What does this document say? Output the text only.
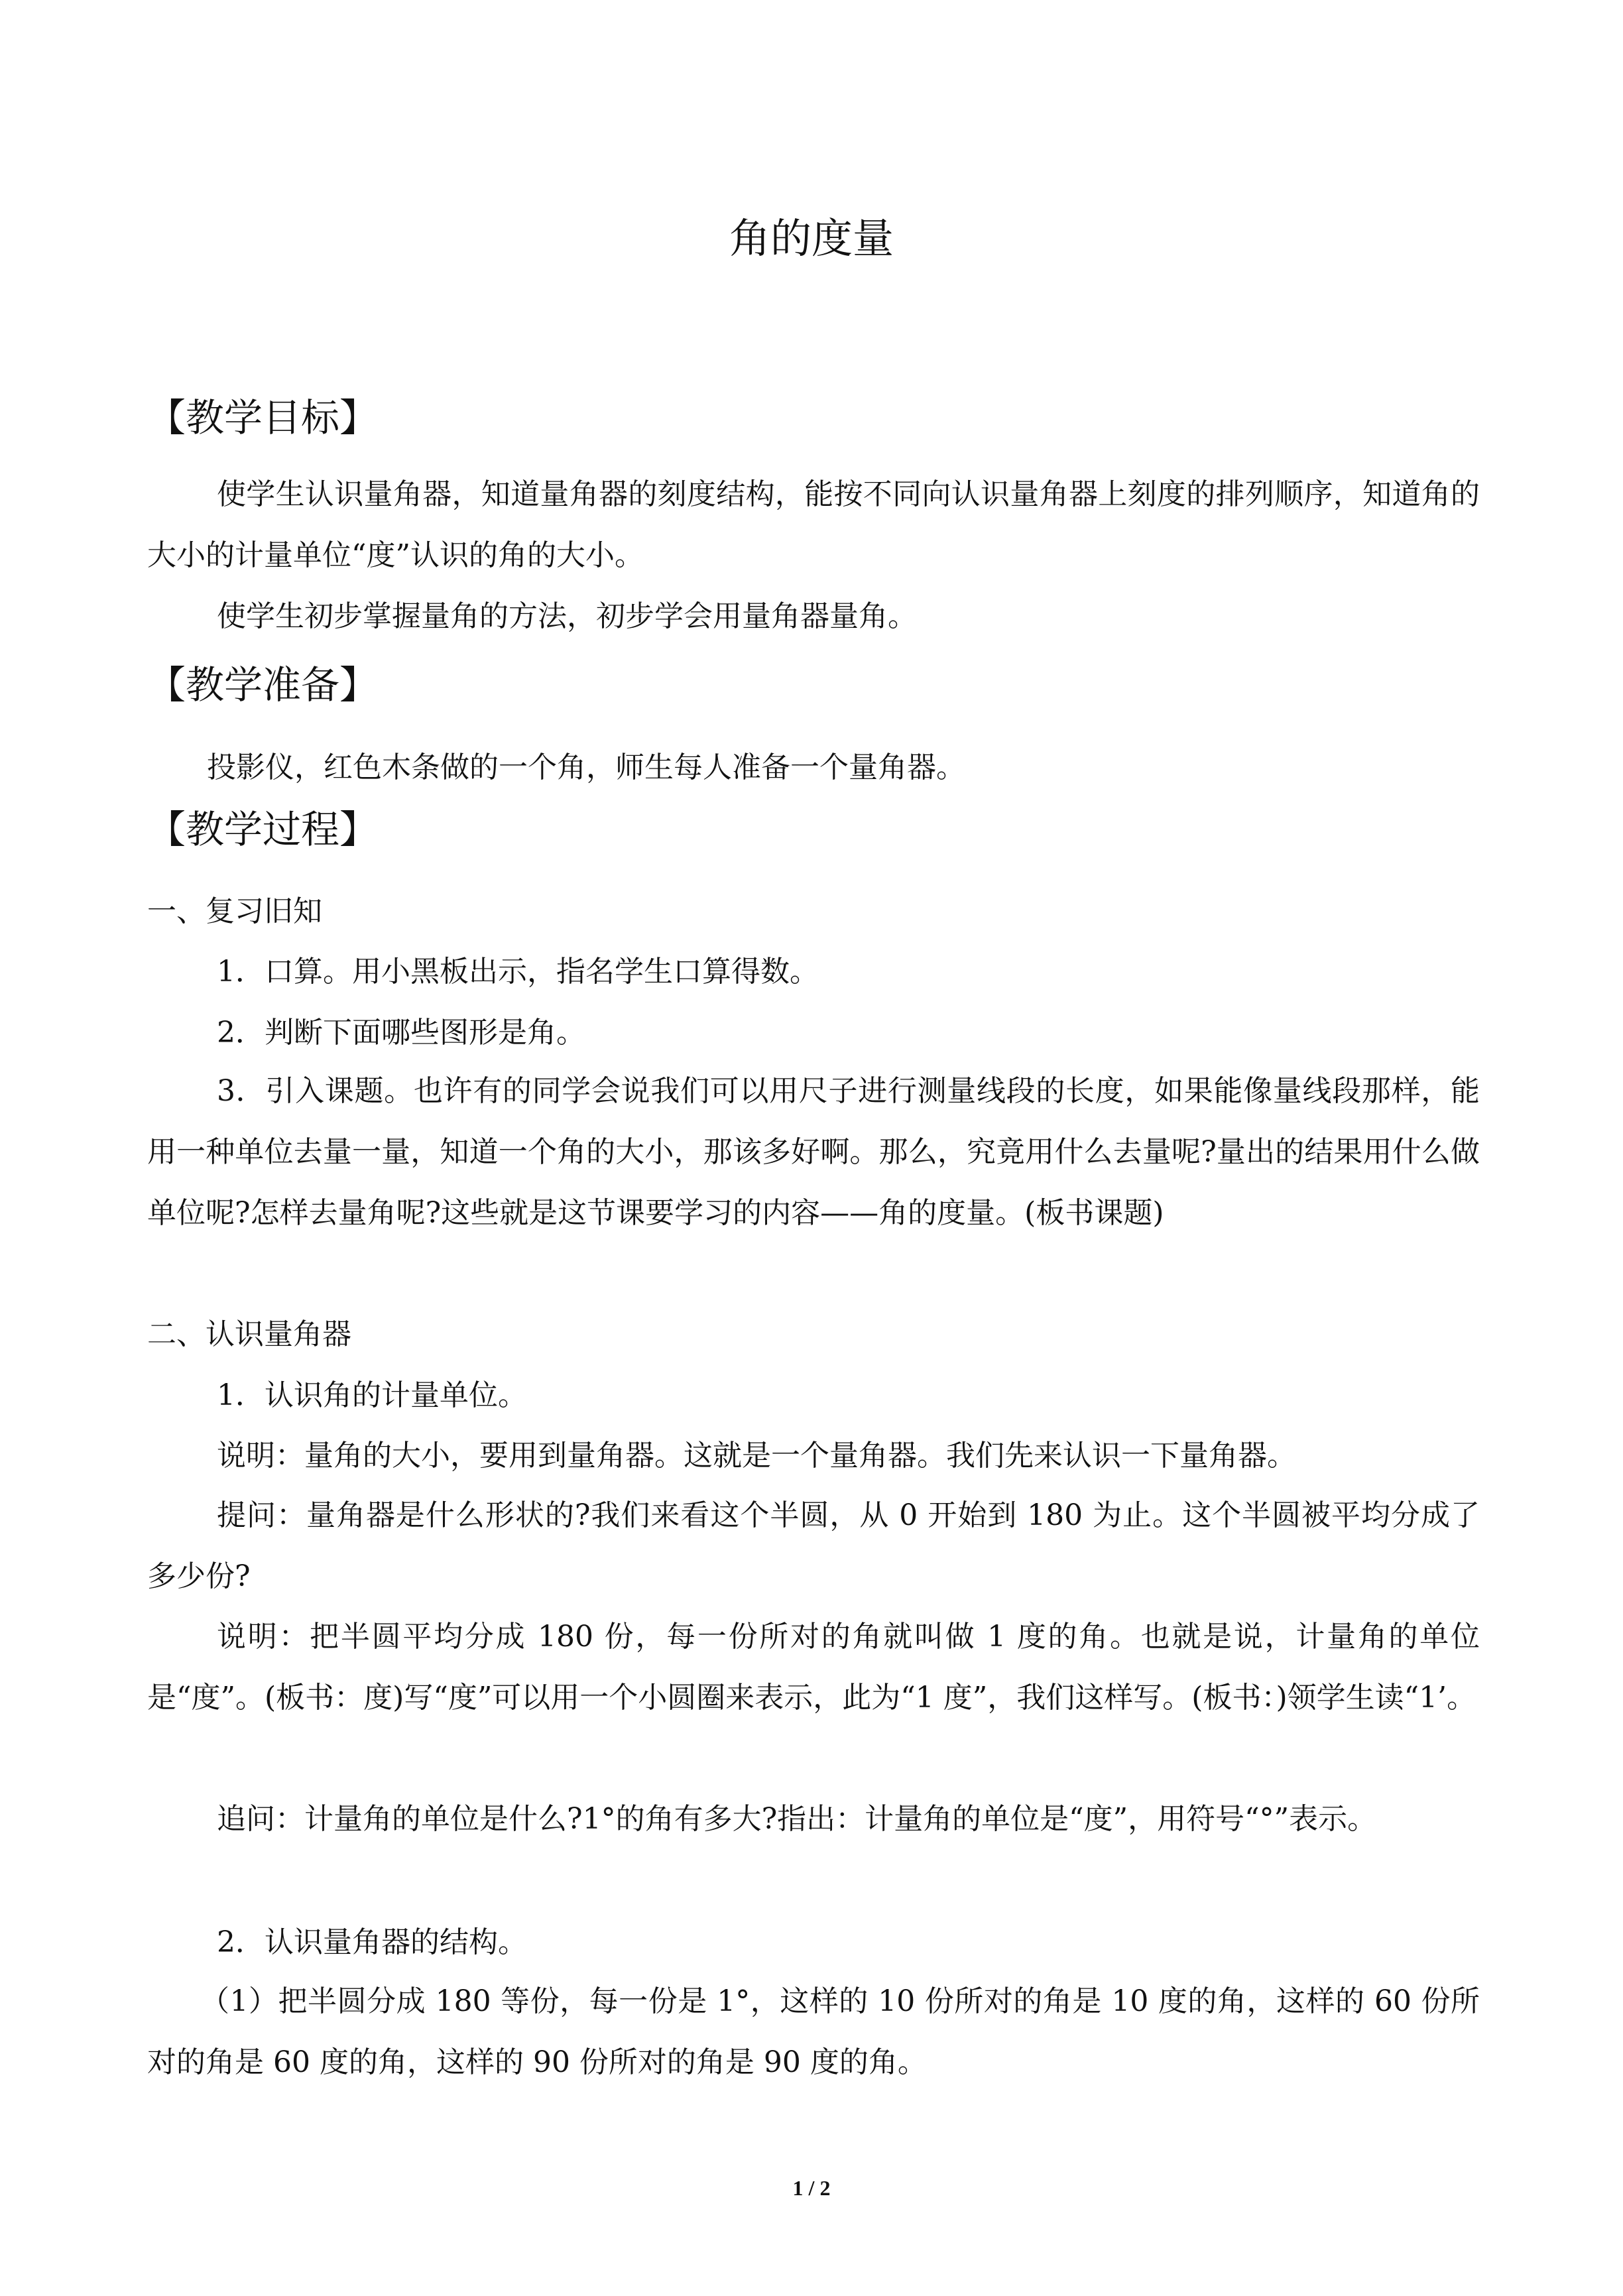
角的度量
【教学目标】
使学生认识量角器，知道量角器的刻度结构，能按不同向认识量角器上刻度的排列顺序，知道角的大小的计量单位“度”认识的角的大小。
使学生初步掌握量角的方法，初步学会用量角器量角。
【教学准备】
投影仪，红色木条做的一个角，师生每人准备一个量角器。
【教学过程】
一、复习旧知
1．口算。用小黑板出示，指名学生口算得数。
2．判断下面哪些图形是角。
3．引入课题。也许有的同学会说我们可以用尺子进行测量线段的长度，如果能像量线段那样，能用一种单位去量一量，知道一个角的大小，那该多好啊。那么，究竟用什么去量呢?量出的结果用什么做单位呢?怎样去量角呢?这些就是这节课要学习的内容——角的度量。(板书课题)
二、认识量角器
1．认识角的计量单位。
说明：量角的大小，要用到量角器。这就是一个量角器。我们先来认识一下量角器。
提问：量角器是什么形状的?我们来看这个半圆，从 0 开始到 180 为止。这个半圆被平均分成了多少份?
说明：把半圆平均分成 180 份，每一份所对的角就叫做 1 度的角。也就是说，计量角的单位是“度”。(板书：度)写“度”可以用一个小圆圈来表示，此为“1 度”，我们这样写。(板书：)领学生读“1’。
追问：计量角的单位是什么?1°的角有多大?指出：计量角的单位是“度”，用符号“°”表示。
2．认识量角器的结构。
（1）把半圆分成 180 等份，每一份是 1°，这样的 10 份所对的角是 10 度的角，这样的 60 份所对的角是 60 度的角，这样的 90 份所对的角是 90 度的角。
1 / 2
